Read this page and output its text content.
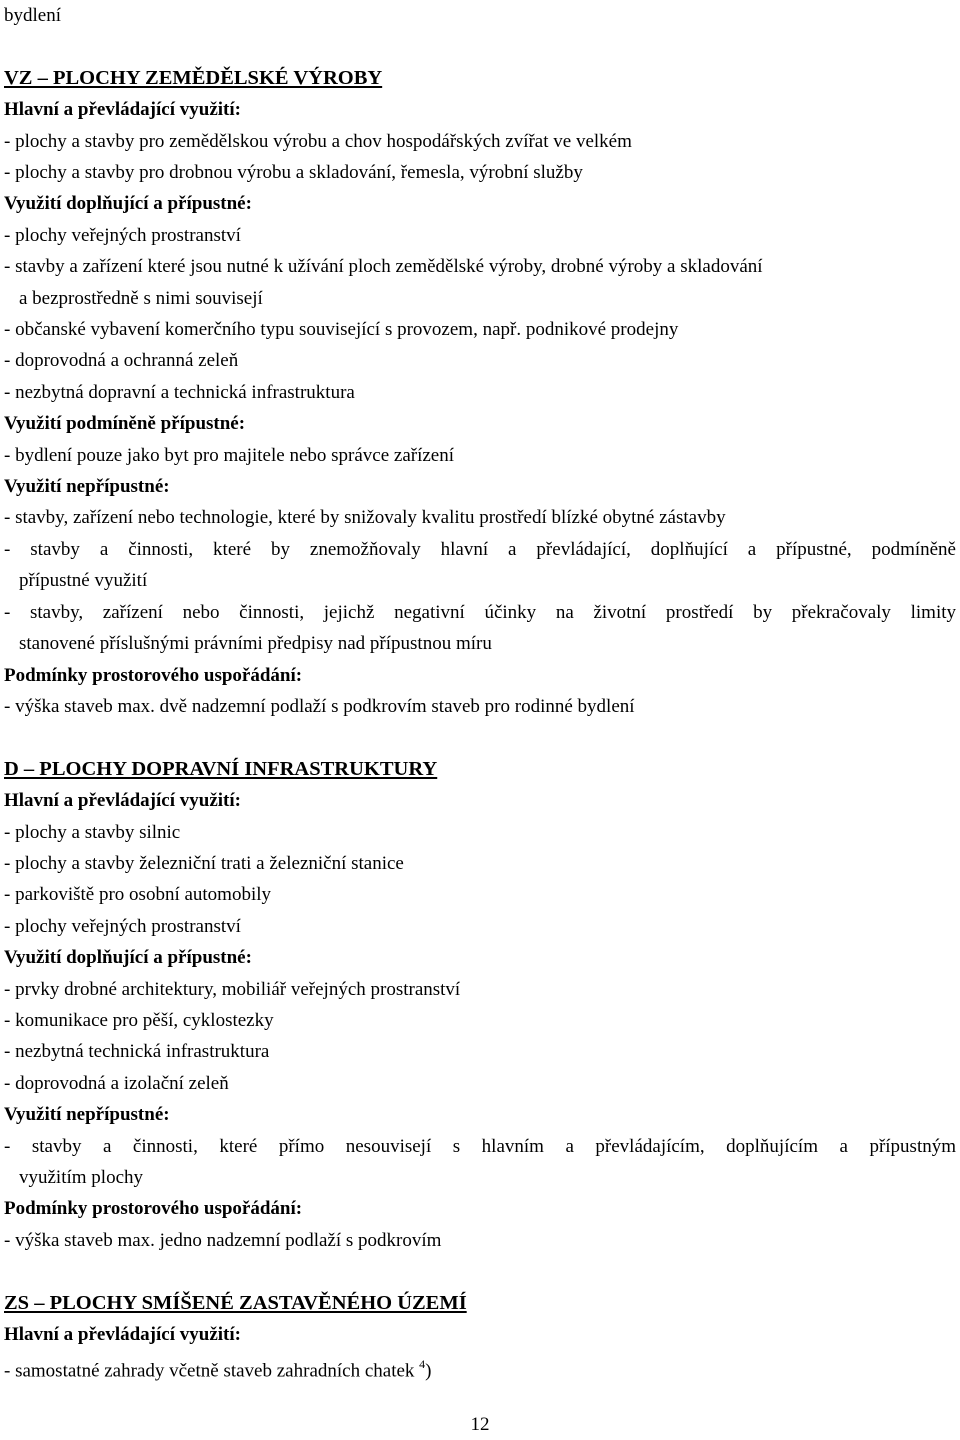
bydlení
VZ – PLOCHY ZEMĚDĚLSKÉ VÝROBY
Hlavní a převládající využití:
- plochy a stavby pro zemědělskou výrobu a chov hospodářských zvířat ve velkém
- plochy a stavby pro drobnou výrobu a skladování, řemesla, výrobní služby
Využití doplňující a přípustné:
- plochy veřejných prostranství
- stavby a zařízení které jsou nutné k užívání ploch zemědělské výroby, drobné výroby a skladování
a bezprostředně s nimi souvisejí
- občanské vybavení komerčního typu související s provozem, např. podnikové prodejny
- doprovodná a ochranná zeleň
- nezbytná dopravní a technická infrastruktura
Využití podmíněně přípustné:
- bydlení pouze jako byt pro majitele nebo správce zařízení
Využití nepřípustné:
- stavby, zařízení nebo technologie, které by snižovaly kvalitu prostředí blízké obytné zástavby
- stavby a činnosti, které by znemožňovaly hlavní a převládající, doplňující a přípustné, podmíněně
přípustné využití
- stavby, zařízení nebo činnosti, jejichž negativní účinky na životní prostředí by překračovaly limity
stanovené příslušnými právními předpisy nad přípustnou míru
Podmínky prostorového uspořádání:
- výška staveb max. dvě nadzemní podlaží s podkrovím staveb pro rodinné bydlení
D – PLOCHY DOPRAVNÍ INFRASTRUKTURY
Hlavní a převládající využití:
- plochy a stavby silnic
- plochy a stavby železniční trati a železniční stanice
- parkoviště pro osobní automobily
- plochy veřejných prostranství
Využití doplňující a přípustné:
- prvky drobné architektury, mobiliář veřejných prostranství
- komunikace pro pěší, cyklostezky
- nezbytná technická infrastruktura
- doprovodná a izolační zeleň
Využití nepřípustné:
- stavby a činnosti, které přímo nesouvisejí s hlavním a převládajícím, doplňujícím a přípustným
využitím plochy
Podmínky prostorového uspořádání:
- výška staveb max. jedno nadzemní podlaží s podkrovím
ZS – PLOCHY SMÍŠENÉ ZASTAVĚNÉHO ÚZEMÍ
Hlavní a převládající využití:
- samostatné zahrady včetně staveb zahradních chatek $^4$)
12
